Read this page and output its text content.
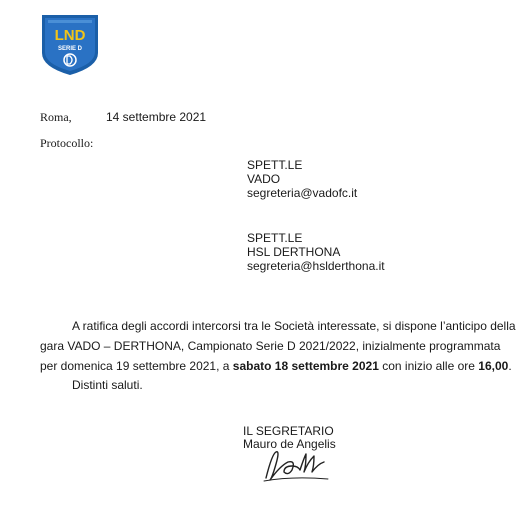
LND
SERIE D
Roma,	14 settembre 2021
Protocollo:
SPETT.LE
VADO
segreteria@vadofc.it
SPETT.LE
HSL DERTHONA
segreteria@hslderthona.it
A ratifica degli accordi intercorsi tra le Società interessate, si dispone l’anticipo della
gara VADO – DERTHONA, Campionato Serie D 2021/2022, inizialmente programmata
per domenica 19 settembre 2021, a sabato 18 settembre 2021 con inizio alle ore 16,00.
Distinti saluti.
IL SEGRETARIO
Mauro de Angelis
